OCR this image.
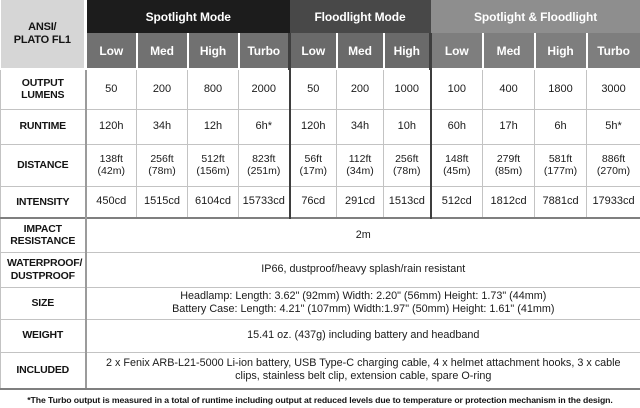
ANSI/
PLATO FL1	Spotlight Mode				Floodlight Mode			Spotlight & Floodlight			
	Low	Med	High	Turbo	Low	Med	High	Low	Med	High	Turbo
OUTPUT LUMENS	50	200	800	2000	50	200	1000	100	400	1800	3000
RUNTIME	120h	34h	12h	6h*	120h	34h	10h	60h	17h	6h	5h*
DISTANCE	138ft (42m)	256ft (78m)	512ft (156m)	823ft (251m)	56ft (17m)	112ft (34m)	256ft (78m)	148ft (45m)	279ft (85m)	581ft (177m)	886ft (270m)
INTENSITY	450cd	1515cd	6104cd	15733cd	76cd	291cd	1513cd	512cd	1812cd	7881cd	17933cd
IMPACT RESISTANCE	2m										

WATERPROOF/ DUSTPROOF	IP66, dustproof/heavy splash/rain resistant										

SIZE	Headlamp: Length: 3.62" (92mm) Width: 2.20" (56mm) Height: 1.73" (44mm)
Battery Case: Length: 4.21" (107mm) Width:1.97" (50mm) Height: 1.61" (41mm)										

WEIGHT	15.41 oz. (437g) including battery and headband										

INCLUDED	2 x Fenix ARB-L21-5000 Li-ion battery, USB Type-C charging cable, 4 x helmet attachment hooks, 3 x cable clips, stainless belt clip, extension cable, spare O-ring										
*The Turbo output is measured in a total of runtime including output at reduced levels due to temperature or protection mechanism in the design.
